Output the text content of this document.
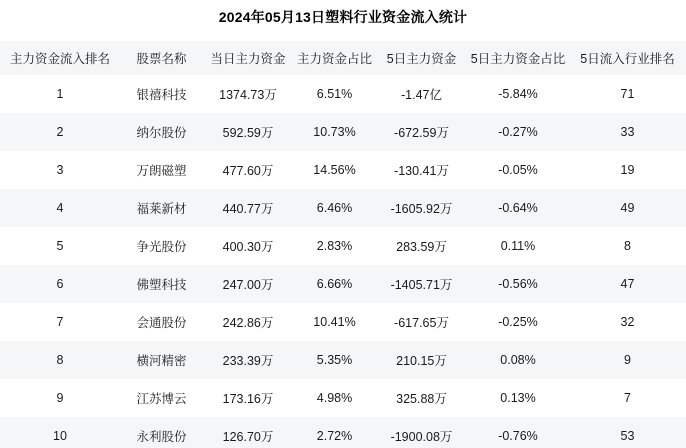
2024年05月13日塑料行业资金流入统计
主力资金流入排名	股票名称	当日主力资金	主力资金占比	5日主力资金	5日主力资金占比	5日流入行业排名
1	银禧科技	1374.73万	6.51%	-1.47亿	-5.84%	71
2	纳尔股份	592.59万	10.73%	-672.59万	-0.27%	33
3	万朗磁塑	477.60万	14.56%	-130.41万	-0.05%	19
4	福莱新材	440.77万	6.46%	-1605.92万	-0.64%	49
5	争光股份	400.30万	2.83%	283.59万	0.11%	8
6	佛塑科技	247.00万	6.66%	-1405.71万	-0.56%	47
7	会通股份	242.86万	10.41%	-617.65万	-0.25%	32
8	横河精密	233.39万	5.35%	210.15万	0.08%	9
9	江苏博云	173.16万	4.98%	325.88万	0.13%	7
10	永利股份	126.70万	2.72%	-1900.08万	-0.76%	53
